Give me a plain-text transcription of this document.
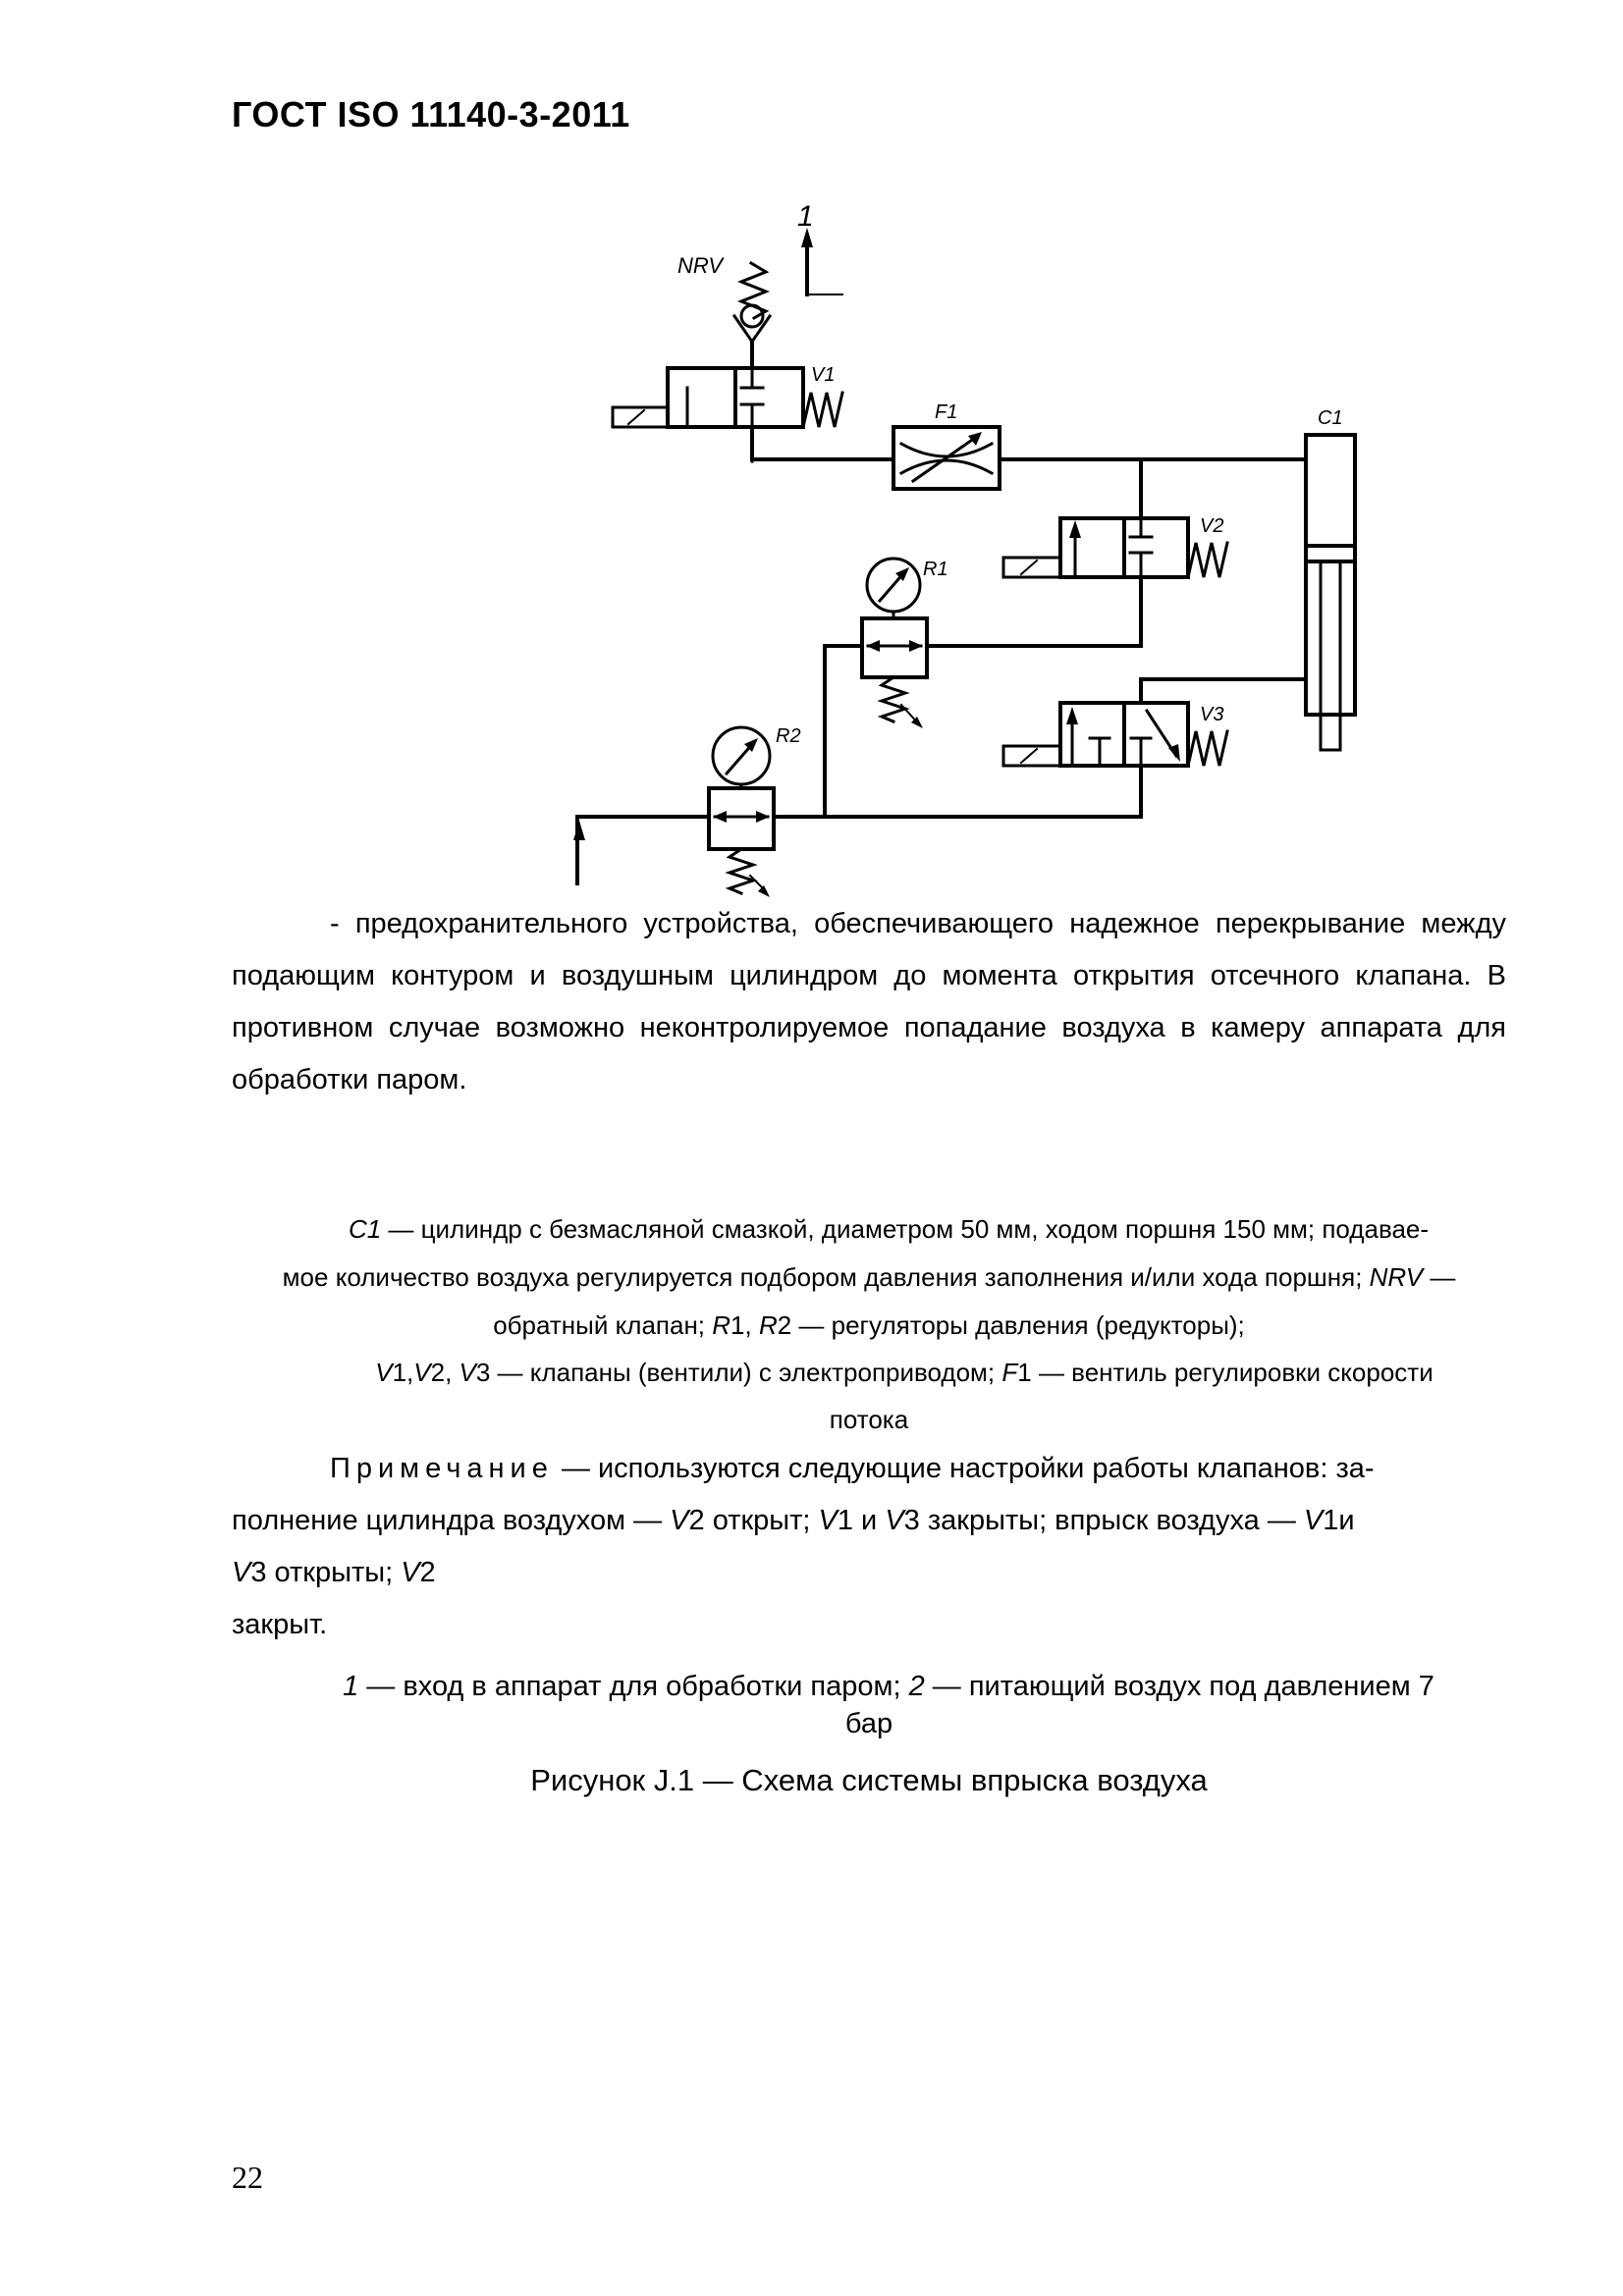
ГОСТ ISO 11140-3-2011
1
NRV
V1
F1	C1
V2
R1
V3
R2
- предохранительного устройства, обеспечивающего надежное перекрывание между подающим контуром и воздушным цилиндром до момента открытия отсечного клапана. В противном случае возможно неконтролируемое попадание воздуха в камеру аппарата для обработки паром.
C1 — цилиндр с безмасляной смазкой, диаметром 50 мм, ходом поршня 150 мм; подавае-
мое количество воздуха регулируется подбором давления заполнения и/или хода поршня; NRV —
обратный клапан; R1, R2 — регуляторы давления (редукторы);
V1,V2, V3 — клапаны (вентили) с электроприводом; F1 — вентиль регулировки скорости
потока
Примечание — используются следующие настройки работы клапанов: за-
полнение цилиндра воздухом — V2 открыт; V1 и V3 закрыты; впрыск воздуха — V1и
V3 открыты; V2
закрыт.
1 — вход в аппарат для обработки паром; 2 — питающий воздух под давлением 7
бар
Рисунок J.1 — Схема системы впрыска воздуха
22
